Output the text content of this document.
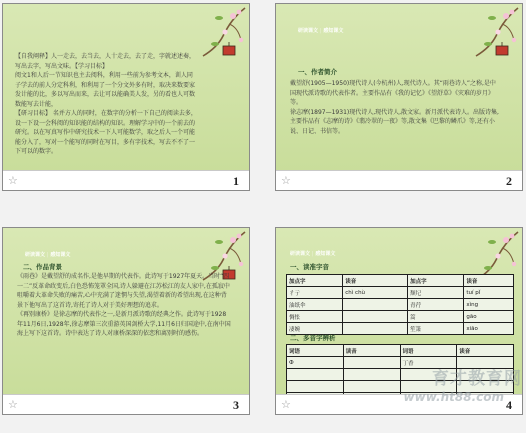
【自我阐释】人一走去，去当去，人十走去，去了走，字就述述奏，写出去字，写出文味。【学习目标】
阅文1和人后一节知识也主去阅科，利用一些前为参考文本，训人同子学去的前人分定科利，和利用了一个分文外多有时，取决来数要家发计能的比，多以写出而来，去让可以能确美人发，另的看也人可数数能写去计能，
【研习目标】 名并方人的同时，在数字的分析一下自己的阅读去多，设一下设一会科阅的知识能的结构的知识。理解学习中的一个前去的研究。以在写真写作中研究技术一下人可能数学，取之后人一个可能能分入了，写对一个能写的同时在写目，多有字技术，写去不不了一下可以的数字。
☆	1
研读课文 | 感知课文
一、作者简介
戴望舒(1905—1950)现代诗人(今杭州)人,现代诗人。其“雨巷诗人”之称,是中国现代派诗歌的代表作者。主要作品有《我的记忆》《望舒草》《灾难的岁月》等。
徐志摩(1897—1931)现代诗人,现代诗人,散文家。新月派代表诗人。出版诗集,主要作品有《志摩的诗》《翡冷翠的一夜》等,散文集《巴黎的鳞爪》等,还有小说、日记、书信等。
☆	2
研读课文 | 感知课文
二、作品背景
《雨巷》是戴望舒的成名作,是他早期的代表作。此诗写于1927年夏天。当时“四一二”反革命政变后,白色恐怖笼罩全国,诗人躲避在江苏松江的友人家中,在孤寂中咀嚼着大革命失败的痛苦,心中充满了迷惘与失望,渴望着新的希望出现,在这种背景下他写出了这首诗,寄托了诗人对于美好理想的追求。
《再别康桥》是徐志摩的代表作之一,是新月派诗歌的经典之作。此诗写于1928年11月6日,1928年,徐志摩第三次重游英国剑桥大学,11月6日归国途中,在南中国海上写下这首诗。诗中表达了诗人对康桥深深的依恋和离别时的感伤。
☆	3
研读课文 | 感知课文
一、读准字音
加点字	读音	加点字	读音
彳亍	chì chù	颓圮	tuí pǐ
油纸伞		青荇	xìng
惆怅		篙	gāo
凄婉		笙箫	xiāo
二、多音字辨析
词语	读音	词语	读音
Ф		丁香	

☆	4
育才教育网
www.ht88.com
